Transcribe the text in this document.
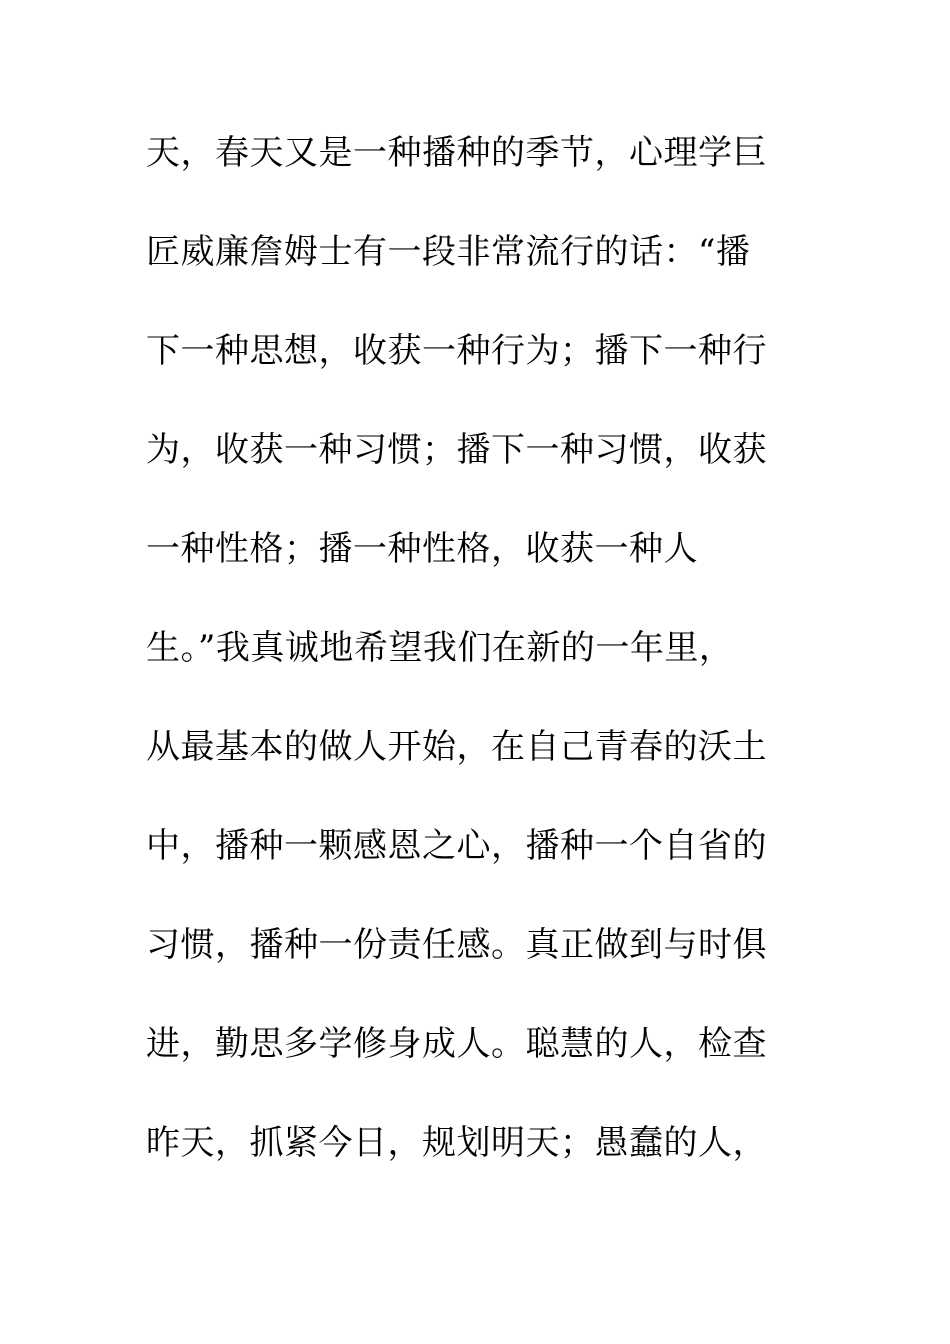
天，春天又是一种播种的季节，心理学巨
匠威廉詹姆士有一段非常流行的话：“播
下一种思想，收获一种行为；播下一种行
为，收获一种习惯；播下一种习惯，收获
一种性格；播一种性格，收获一种人
生。”我真诚地希望我们在新的一年里，
从最基本的做人开始，在自己青春的沃土
中，播种一颗感恩之心，播种一个自省的
习惯，播种一份责任感。真正做到与时俱
进，勤思多学修身成人。聪慧的人，检查
昨天，抓紧今日，规划明天；愚蠢的人，
